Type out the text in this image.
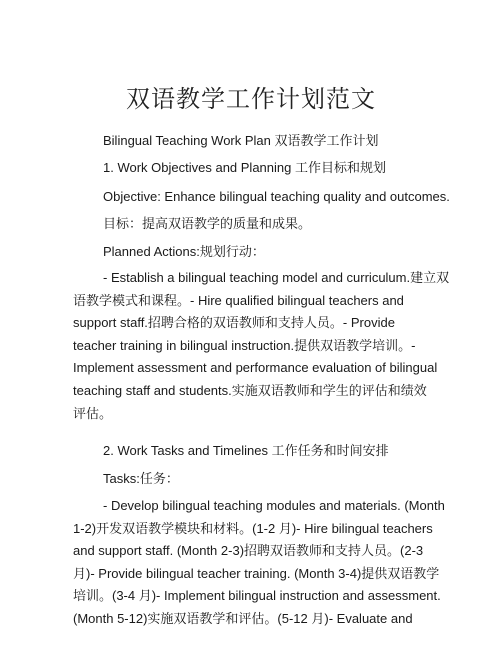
双语教学工作计划范文

Bilingual Teaching Work Plan 双语教学工作计划

1. Work Objectives and Planning 工作目标和规划

Objective: Enhance bilingual teaching quality and outcomes.

目标：提高双语教学的质量和成果。

Planned Actions:规划行动：

- Establish a bilingual teaching model and curriculum.建立双
语教学模式和课程。- Hire qualified bilingual teachers and
support staff.招聘合格的双语教师和支持人员。- Provide
teacher training in bilingual instruction.提供双语教学培训。-
Implement assessment and performance evaluation of bilingual
teaching staff and students.实施双语教师和学生的评估和绩效
评估。

2. Work Tasks and Timelines 工作任务和时间安排

Tasks:任务：

- Develop bilingual teaching modules and materials. (Month
1-2)开发双语教学模块和材料。(1-2 月)- Hire bilingual teachers
and support staff. (Month 2-3)招聘双语教师和支持人员。(2-3
月)- Provide bilingual teacher training. (Month 3-4)提供双语教学
培训。(3-4 月)- Implement bilingual instruction and assessment.
(Month 5-12)实施双语教学和评估。(5-12 月)- Evaluate and
